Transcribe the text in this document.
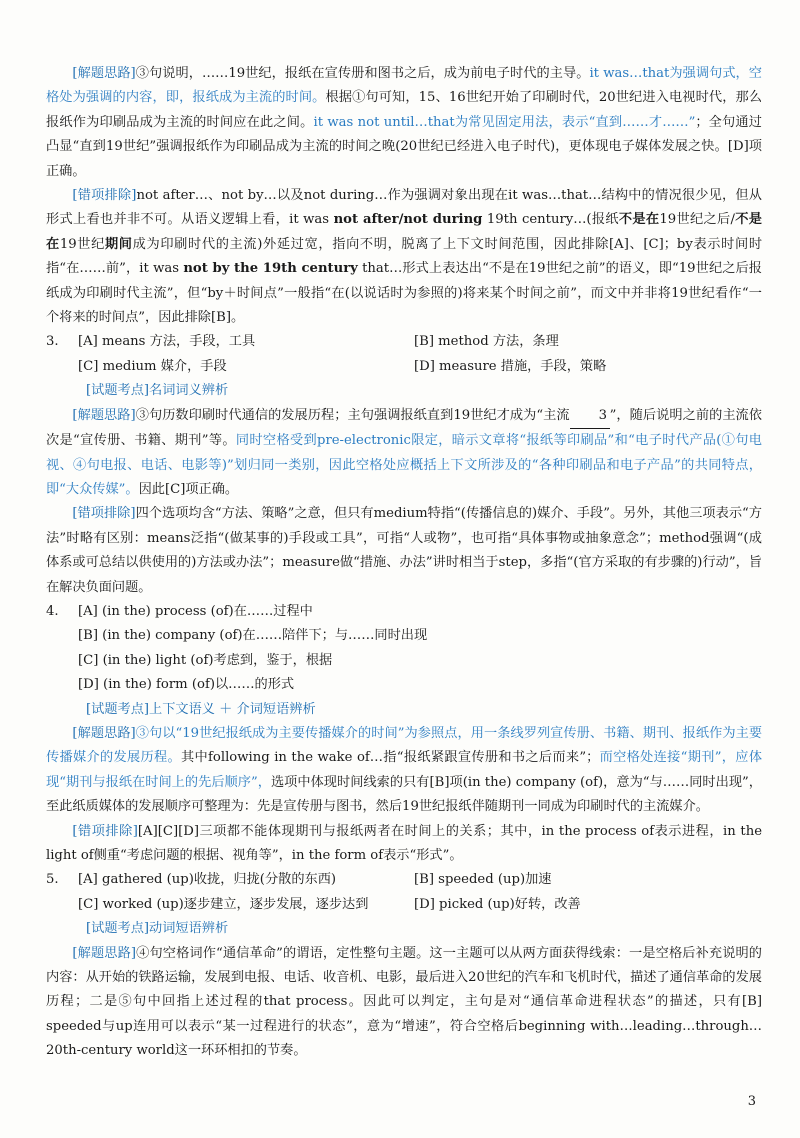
[解题思路]③句说明，……19世纪，报纸在宣传册和图书之后，成为前电子时代的主导。it was…that为强调句式，空格处为强调的内容，即，报纸成为主流的时间。根据①句可知，15、16世纪开始了印刷时代，20世纪进入电视时代，那么报纸作为印刷品成为主流的时间应在此之间。it was not until…that为常见固定用法，表示“直到……才……”；全句通过凸显“直到19世纪”强调报纸作为印刷品成为主流的时间之晚(20世纪已经进入电子时代)，更体现电子媒体发展之快。[D]项正确。

[错项排除]not after…、not by…以及not during…作为强调对象出现在it was…that…结构中的情况很少见，但从形式上看也并非不可。从语义逻辑上看，it was not after/not during 19th century…(报纸不是在19世纪之后/不是在19世纪期间成为印刷时代的主流)外延过宽，指向不明，脱离了上下文时间范围，因此排除[A]、[C]；by表示时间时指“在……前”，it was not by the 19th century that…形式上表达出“不是在19世纪之前”的语义，即“19世纪之后报纸成为印刷时代主流”，但“by＋时间点”一般指“在(以说话时为参照的)将来某个时间之前”，而文中并非将19世纪看作“一个将来的时间点”，因此排除[B]。

3.	[A] means 方法，手段，工具	[B] method 方法，条理
[C] medium 媒介，手段	[D] measure 措施，手段，策略
[试题考点]名词词义辨析

[解题思路]③句历数印刷时代通信的发展历程；主句强调报纸直到19世纪才成为“主流 3 ”，随后说明之前的主流依次是“宣传册、书籍、期刊”等。同时空格受到pre-electronic限定，暗示文章将“报纸等印刷品”和“电子时代产品(①句电视、④句电报、电话、电影等)”划归同一类别，因此空格处应概括上下文所涉及的“各种印刷品和电子产品”的共同特点，即“大众传媒”。因此[C]项正确。

[错项排除]四个选项均含“方法、策略”之意，但只有medium特指“(传播信息的)媒介、手段”。另外，其他三项表示“方法”时略有区别：means泛指“(做某事的)手段或工具”，可指“人或物”，也可指“具体事物或抽象意念”；method强调“(成体系或可总结以供使用的)方法或办法”；measure做“措施、办法”讲时相当于step，多指“(官方采取的有步骤的)行动”，旨在解决负面问题。

4.	[A] (in the) process (of)在……过程中
[B] (in the) company (of)在……陪伴下；与……同时出现
[C] (in the) light (of)考虑到，鉴于，根据
[D] (in the) form (of)以……的形式
[试题考点]上下文语义 ＋ 介词短语辨析

[解题思路]③句以“19世纪报纸成为主要传播媒介的时间”为参照点，用一条线罗列宣传册、书籍、期刊、报纸作为主要传播媒介的发展历程。其中following in the wake of…指“报纸紧跟宣传册和书之后而来”；而空格处连接“期刊”，应体现“期刊与报纸在时间上的先后顺序”，选项中体现时间线索的只有[B]项(in the) company (of)，意为“与……同时出现”，至此纸质媒体的发展顺序可整理为：先是宣传册与图书，然后19世纪报纸伴随期刊一同成为印刷时代的主流媒介。

[错项排除][A][C][D]三项都不能体现期刊与报纸两者在时间上的关系；其中，in the process of表示进程，in the light of侧重“考虑问题的根据、视角等”，in the form of表示“形式”。

5.	[A] gathered (up)收拢，归拢(分散的东西)	[B] speeded (up)加速
[C] worked (up)逐步建立，逐步发展，逐步达到	[D] picked (up)好转，改善
[试题考点]动词短语辨析

[解题思路]④句空格词作“通信革命”的谓语，定性整句主题。这一主题可以从两方面获得线索：一是空格后补充说明的内容：从开始的铁路运输，发展到电报、电话、收音机、电影，最后进入20世纪的汽车和飞机时代，描述了通信革命的发展历程；二是⑤句中回指上述过程的that process。因此可以判定，主句是对“通信革命进程状态”的描述，只有[B] speeded与up连用可以表示“某一过程进行的状态”，意为“增速”，符合空格后beginning with…leading…through…20th-century world这一环环相扣的节奏。

3
